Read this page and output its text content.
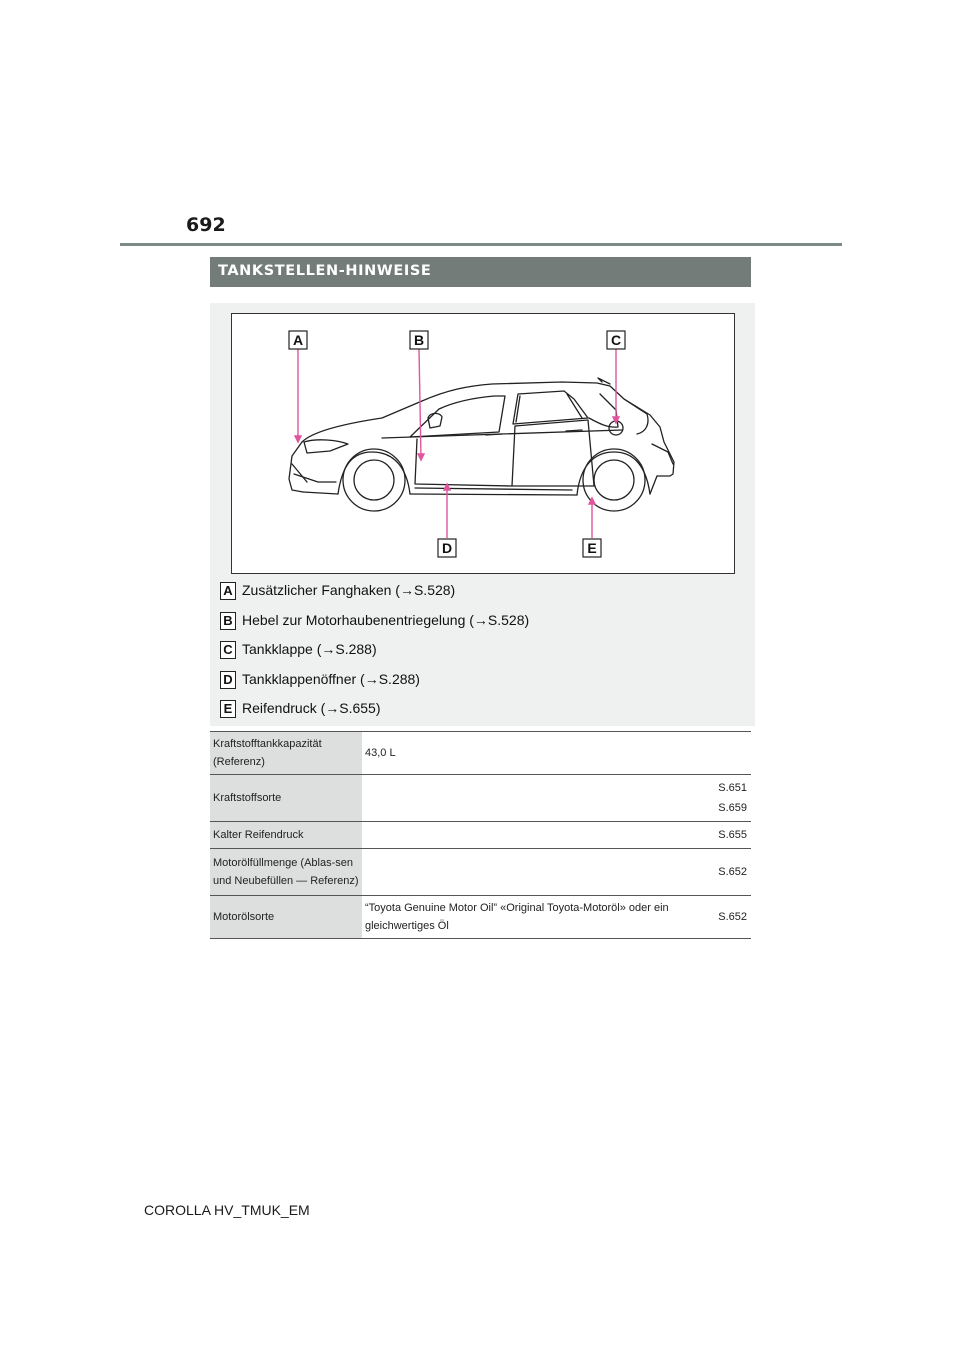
692
TANKSTELLEN-HINWEISE
A	B	C
D	E
A Zusätzlicher Fanghaken (→S.528)
B Hebel zur Motorhaubenentriegelung (→S.528)
C Tankklappe (→S.288)
D Tankklappenöffner (→S.288)
E Reifendruck (→S.655)
Kraftstofftankkapazität (Referenz)	43,0 L	
Kraftstoffsorte		S.651
S.659

Kalter Reifendruck		S.655

Motorölfüllmenge (Ablas-sen und Neubefüllen — Referenz)		S.652

Motorölsorte	“Toyota Genuine Motor Oil” «Original Toyota-Motoröl» oder ein gleichwertiges Öl	S.652
COROLLA HV_TMUK_EM
